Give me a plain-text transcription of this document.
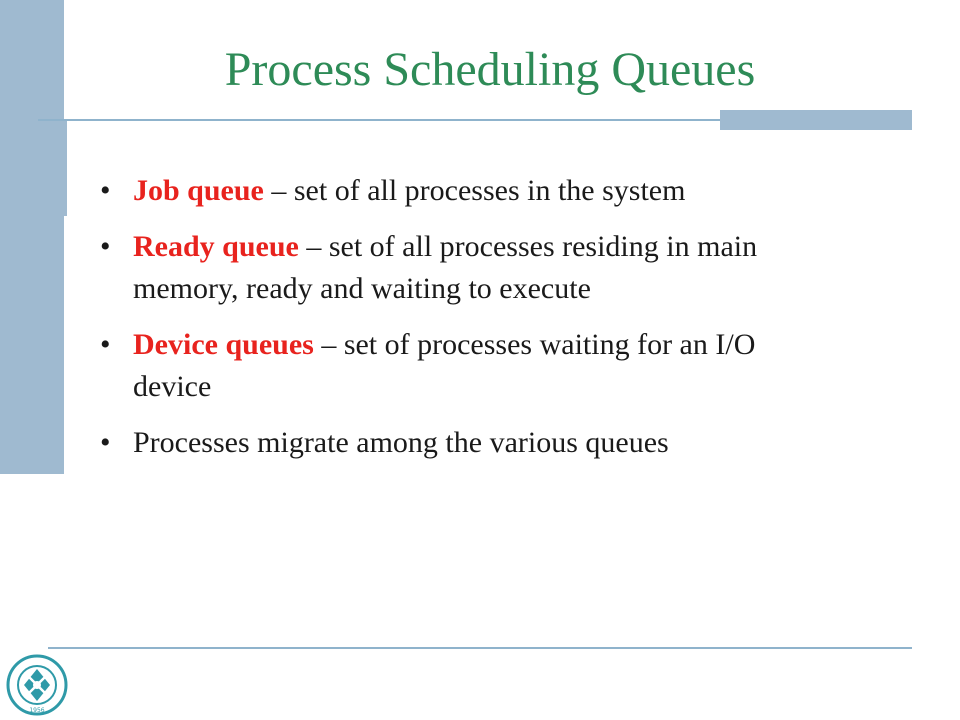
Process Scheduling Queues
• Job queue – set of all processes in the system
• Ready queue – set of all processes residing in main memory, ready and waiting to execute
• Device queues – set of processes waiting for an I/O device
• Processes migrate among the various queues
1956
